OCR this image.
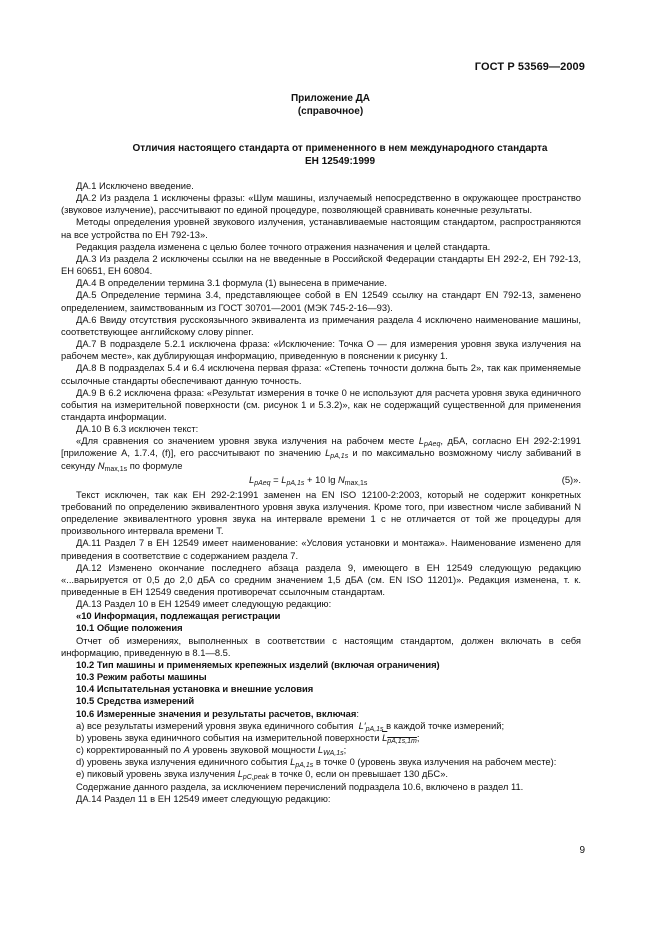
ГОСТ Р 53569—2009
Приложение ДА
(справочное)
Отличия настоящего стандарта от примененного в нем международного стандарта
ЕН 12549:1999

ДА.1 Исключено введение.

ДА.2 Из раздела 1 исключены фразы: «Шум машины, излучаемый непосредственно в окружающее пространство (звуковое излучение), рассчитывают по единой процедуре, позволяющей сравнивать конечные результаты.

Методы определения уровней звукового излучения, устанавливаемые настоящим стандартом, распространяются на все устройства по ЕН 792-13».

Редакция раздела изменена с целью более точного отражения назначения и целей стандарта.

ДА.3 Из раздела 2 исключены ссылки на не введенные в Российской Федерации стандарты ЕН 292-2, ЕН 792-13, ЕН 60651, ЕН 60804.

ДА.4 В определении термина 3.1 формула (1) вынесена в примечание.

ДА.5 Определение термина 3.4, представляющее собой в EN 12549 ссылку на стандарт EN 792-13, заменено определением, заимствованным из ГОСТ 30701—2001 (МЭК 745-2-16—93).

ДА.6 Ввиду отсутствия русскоязычного эквивалента из примечания раздела 4 исключено наименование машины, соответствующее английскому слову pinner.

ДА.7 В подразделе 5.2.1 исключена фраза: «Исключение: Точка О — для измерения уровня звука излучения на рабочем месте», как дублирующая информацию, приведенную в пояснении к рисунку 1.

ДА.8 В подразделах 5.4 и 6.4 исключена первая фраза: «Степень точности должна быть 2», так как применяемые ссылочные стандарты обеспечивают данную точность.

ДА.9 В 6.2 исключена фраза: «Результат измерения в точке 0 не используют для расчета уровня звука единичного события на измерительной поверхности (см. рисунок 1 и 5.3.2)», как не содержащий существенной для применения стандарта информации.

ДА.10 В 6.3 исключен текст:

«Для сравнения со значением уровня звука излучения на рабочем месте $L_{pAeq}$, дБА, согласно ЕН 292-2:1991 [приложение А, 1.7.4, (f)], его рассчитывают по значению $L_{pA,1s}$ и по максимально возможному числу забиваний в секунду $N_{max,1s}$ по формуле

$L_{pAeq} = L_{pA,1s} + 10$ $\lg N_{max,1s}$	(5)».

Текст исключен, так как ЕН 292-2:1991 заменен на EN ISO 12100-2:2003, который не содержит конкретных требований по определению эквивалентного уровня звука излучения. Кроме того, при известном числе забиваний N определение эквивалентного уровня звука на интервале времени 1 с не отличается от той же процедуры для произвольного интервала времени T.

ДА.11 Раздел 7 в ЕН 12549 имеет наименование: «Условия установки и монтажа». Наименование изменено для приведения в соответствие с содержанием раздела 7.

ДА.12 Изменено окончание последнего абзаца раздела 9, имеющего в ЕН 12549 следующую редакцию «...варьируется от 0,5 до 2,0 дБА со средним значением 1,5 дБА (см. EN ISO 11201)». Редакция изменена, т. к. приведенные в ЕН 12549 сведения противоречат ссылочным стандартам.

ДА.13 Раздел 10 в ЕН 12549 имеет следующую редакцию:

«10 Информация, подлежащая регистрации

10.1 Общие положения

Отчет об измерениях, выполненных в соответствии с настоящим стандартом, должен включать в себя информацию, приведенную в 8.1—8.5.

10.2 Тип машины и применяемых крепежных изделий (включая ограничения)

10.3 Режим работы машины

10.4 Испытательная установка и внешние условия

10.5 Средства измерений

10.6 Измеренные значения и результаты расчетов, включая:

а) все результаты измерений уровня звука единичного события $L'_{pA,1s}$ в каждой точке измерений;

b) уровень звука единичного события на измерительной поверхности $\overline{L}_{pA,1s,1m}$;

с) корректированный по A уровень звуковой мощности $L_{WA,1s}$;

d) уровень звука излучения единичного события $L_{pA,1s}$ в точке 0 (уровень звука излучения на рабочем месте):

е) пиковый уровень звука излучения $L_{pC,peak}$ в точке 0, если он превышает 130 дБС».

Содержание данного раздела, за исключением перечислений подраздела 10.6, включено в раздел 11.

ДА.14 Раздел 11 в ЕН 12549 имеет следующую редакцию:

9
